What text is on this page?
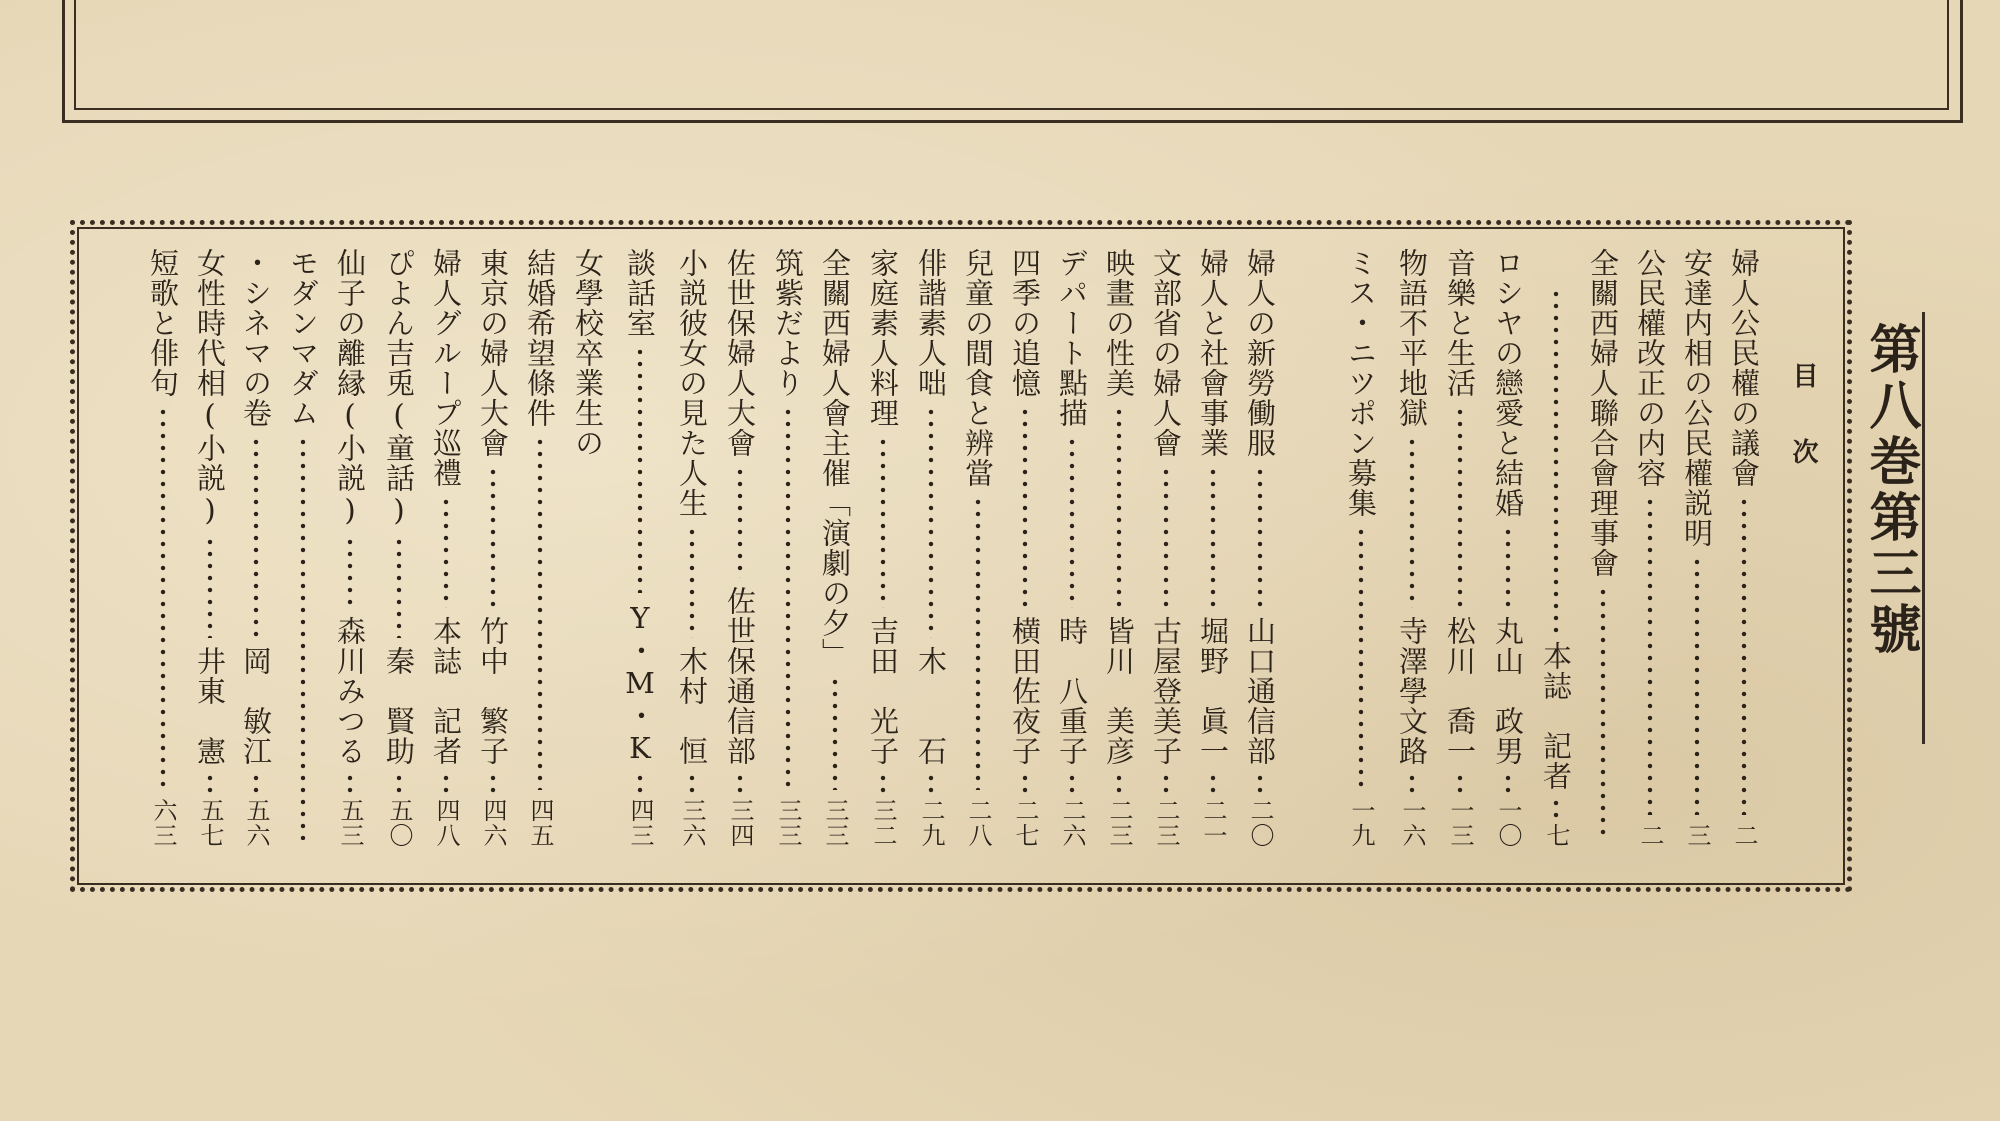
第八巻第三號
目次
婦人公民權の議會
二
安達内相の公民權説明
三
公民權改正の内容
二
全關西婦人聯合會理事會
本誌　記者
七
ロシヤの戀愛と結婚
丸山　政男
一〇
音樂と生活
松川　喬一
一三
物語不平地獄
寺澤學文路
一六
ミス・ニツポン募集
一九
婦人の新勞働服
山口通信部
二〇
婦人と社會事業
堀野　眞一
二一
文部省の婦人會
古屋登美子
二三
映畫の性美
皆川　美彦
二三
デパート點描
時　八重子
二六
四季の追憶
横田佐夜子
二七
兒童の間食と辨當
二八
俳諧素人咄
木　　石
二九
家庭素人料理
吉田　光子
三二
全關西婦人會主催「演劇の夕」
三三
筑紫だより
三三
佐世保婦人大會
佐世保通信部
三四
小説彼女の見た人生
木村　恒
三六
談話室
Y・M・K
四三
女學校卒業生の
結婚希望條件
四五
東京の婦人大會
竹中　繁子
四六
婦人グループ巡禮
本誌　記者
四八
ぴよん吉兎(童話)
秦　賢助
五〇
仙子の離縁(小説)
森川みつる
五三
モダンマダム
・シネマの卷
岡　敏江
五六
女性時代相(小説)
井東　憲
五七
短歌と俳句
六三
